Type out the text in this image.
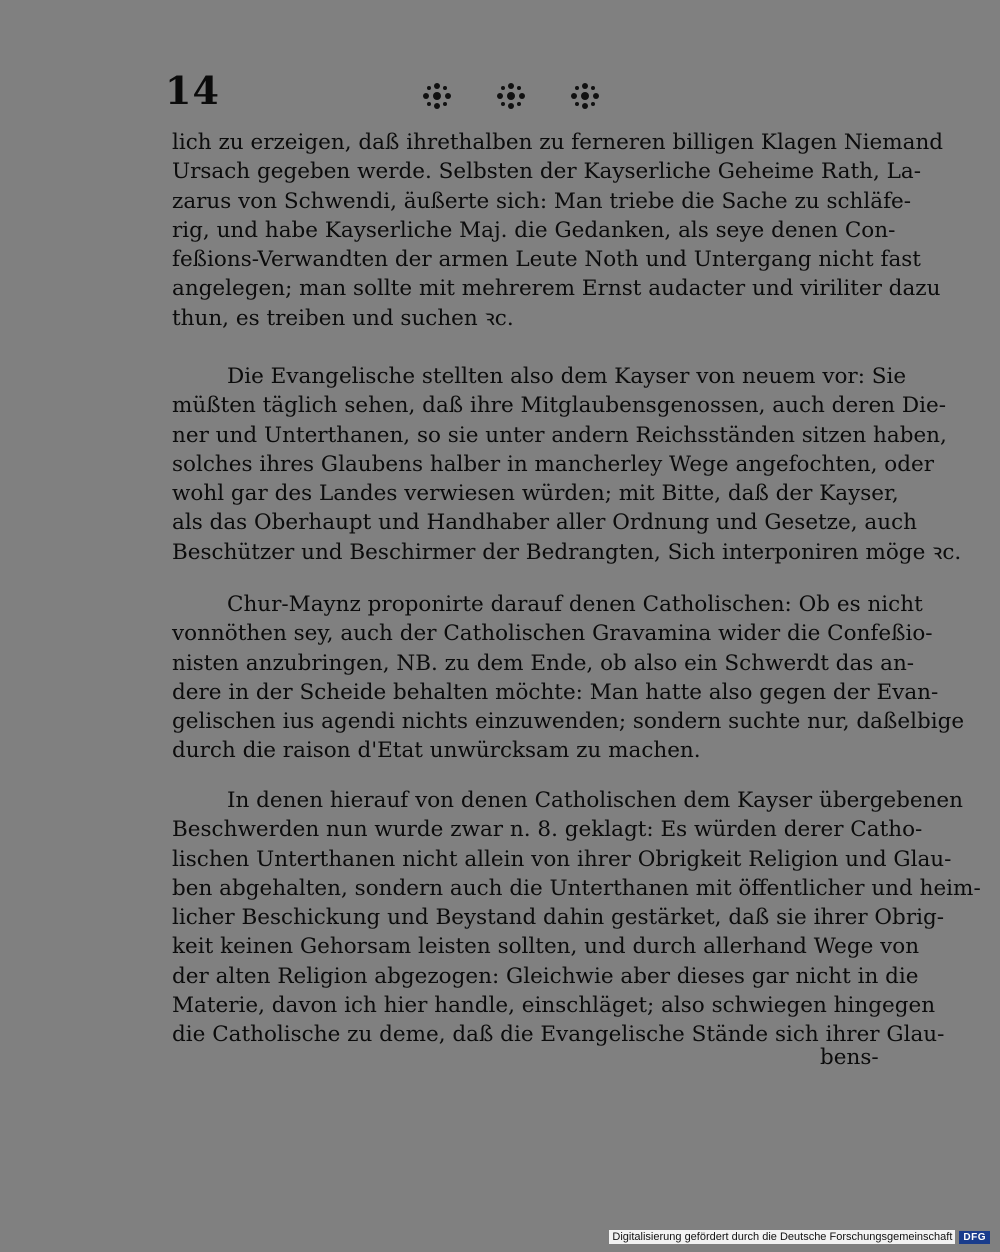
14
lich zu erzeigen, daß ihrethalben zu ferneren billigen Klagen Niemand
Ursach gegeben werde. Selbsten der Kayserliche Geheime Rath, La-
zarus von Schwendi, äußerte sich: Man triebe die Sache zu schläfe-
rig, und habe Kayserliche Maj. die Gedanken, als seye denen Con-
feßions-Verwandten der armen Leute Noth und Untergang nicht fast
angelegen; man sollte mit mehrerem Ernst audacter und viriliter dazu
thun, es treiben und suchen ꝛc.
Die Evangelische stellten also dem Kayser von neuem vor: Sie
müßten täglich sehen, daß ihre Mitglaubensgenossen, auch deren Die-
ner und Unterthanen, so sie unter andern Reichsständen sitzen haben,
solches ihres Glaubens halber in mancherley Wege angefochten, oder
wohl gar des Landes verwiesen würden; mit Bitte, daß der Kayser,
als das Oberhaupt und Handhaber aller Ordnung und Gesetze, auch
Beschützer und Beschirmer der Bedrangten, Sich interponiren möge ꝛc.
Chur-Maynz proponirte darauf denen Catholischen: Ob es nicht
vonnöthen sey, auch der Catholischen Gravamina wider die Confeßio-
nisten anzubringen, NB. zu dem Ende, ob also ein Schwerdt das an-
dere in der Scheide behalten möchte: Man hatte also gegen der Evan-
gelischen ius agendi nichts einzuwenden; sondern suchte nur, daßelbige
durch die raison d'Etat unwürcksam zu machen.
In denen hierauf von denen Catholischen dem Kayser übergebenen
Beschwerden nun wurde zwar n. 8. geklagt: Es würden derer Catho-
lischen Unterthanen nicht allein von ihrer Obrigkeit Religion und Glau-
ben abgehalten, sondern auch die Unterthanen mit öffentlicher und heim-
licher Beschickung und Beystand dahin gestärket, daß sie ihrer Obrig-
keit keinen Gehorsam leisten sollten, und durch allerhand Wege von
der alten Religion abgezogen: Gleichwie aber dieses gar nicht in die
Materie, davon ich hier handle, einschläget; also schwiegen hingegen
die Catholische zu deme, daß die Evangelische Stände sich ihrer Glau-
bens-
Digitalisierung gefördert durch die Deutsche Forschungsgemeinschaft	DFG
